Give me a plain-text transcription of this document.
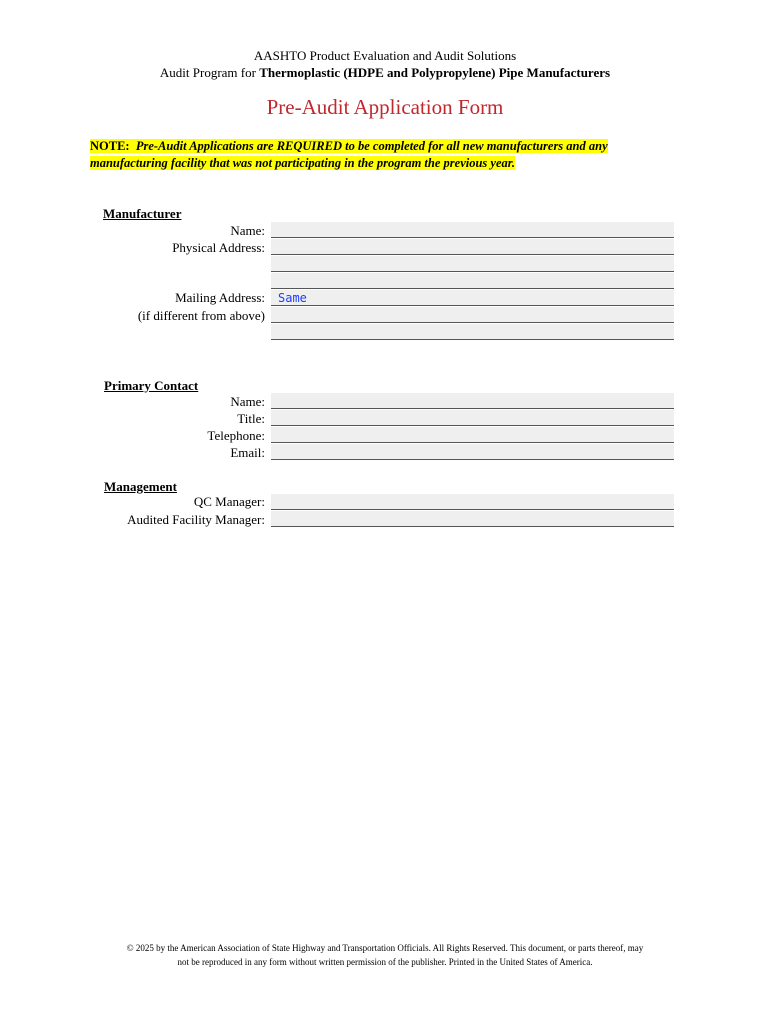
AASHTO Product Evaluation and Audit Solutions
Audit Program for Thermoplastic (HDPE and Polypropylene) Pipe Manufacturers
Pre-Audit Application Form
NOTE: Pre-Audit Applications are REQUIRED to be completed for all new manufacturers and any
manufacturing facility that was not participating in the program the previous year.
Manufacturer
Name:
Physical Address:
Mailing Address: Same
(if different from above)
Primary Contact
Name:
Title:
Telephone:
Email:
Management
QC Manager:
Audited Facility Manager:
© 2025 by the American Association of State Highway and Transportation Officials. All Rights Reserved. This document, or parts thereof, may
not be reproduced in any form without written permission of the publisher. Printed in the United States of America.
